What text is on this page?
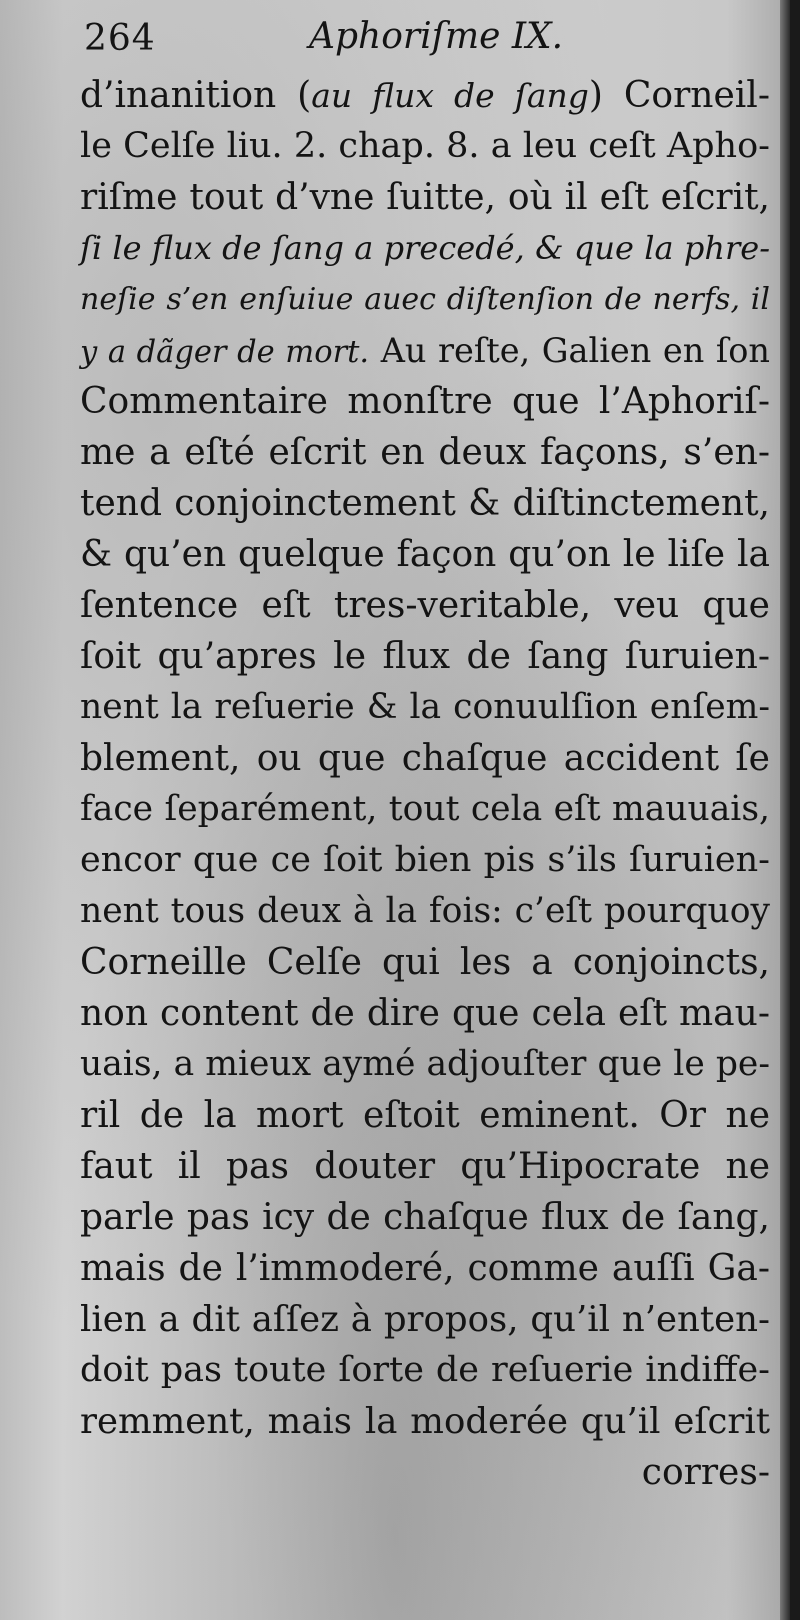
264	Aphoriſme IX.
d’inanition (au flux de ſang) Corneil-
le Celſe liu. 2. chap. 8. a leu ceſt Apho-
riſme tout d’vne ſuitte, où il eſt eſcrit,
ſi le flux de ſang a precedé, & que la phre-
neſie s’en enſuiue auec diſtenſion de nerfs, il
y a dãger de mort. Au reſte, Galien en ſon
Commentaire monſtre que l’Aphoriſ-
me a eſté eſcrit en deux façons, s’en-
tend conjoinctement & diſtinctement,
& qu’en quelque façon qu’on le liſe la
ſentence eſt tres-veritable, veu que
ſoit qu’apres le flux de ſang ſuruien-
nent la reſuerie & la conuulſion enſem-
blement, ou que chaſque accident ſe
face ſeparément, tout cela eſt mauuais,
encor que ce ſoit bien pis s’ils ſuruien-
nent tous deux à la fois: c’eſt pourquoy
Corneille Celſe qui les a conjoincts,
non content de dire que cela eſt mau-
uais, a mieux aymé adjouſter que le pe-
ril de la mort eſtoit eminent. Or ne
faut il pas douter qu’Hipocrate ne
parle pas icy de chaſque flux de ſang,
mais de l’immoderé, comme auſſi Ga-
lien a dit aſſez à propos, qu’il n’enten-
doit pas toute ſorte de reſuerie indiffe-
remment, mais la moderée qu’il eſcrit
corres-
